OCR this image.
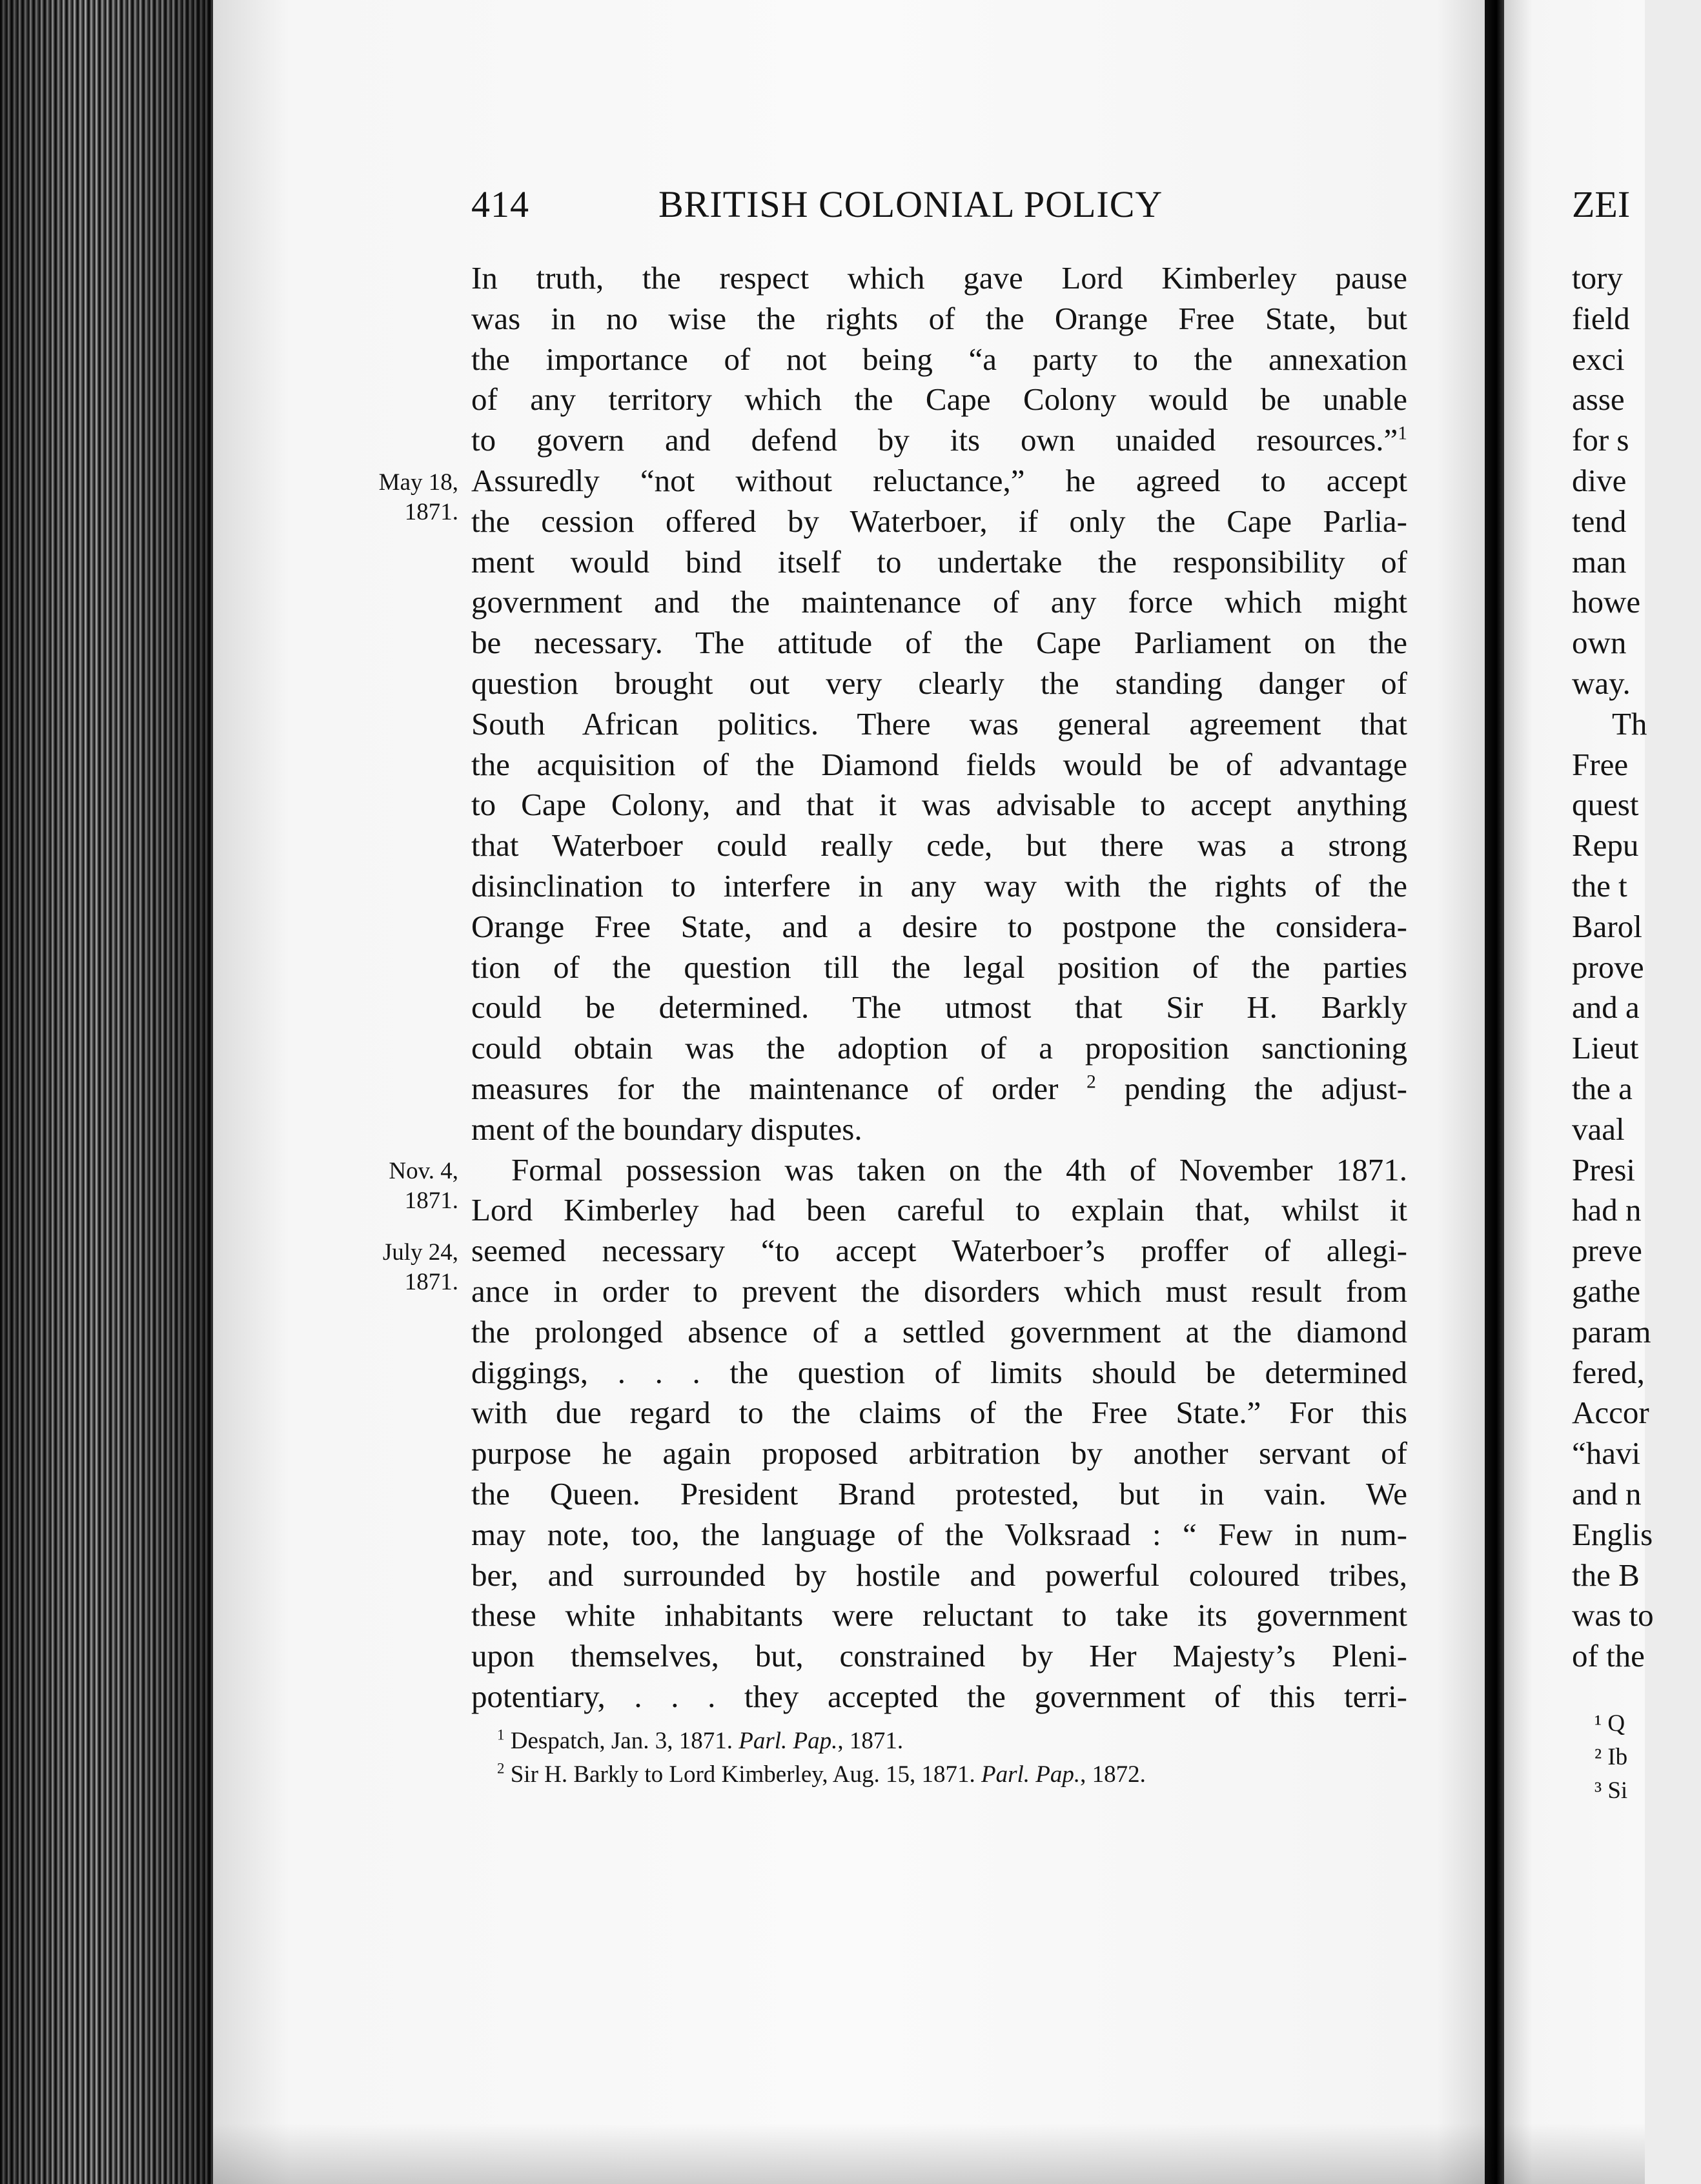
414	BRITISH COLONIAL POLICY
In truth, the respect which gave Lord Kimberley pause
was in no wise the rights of the Orange Free State, but
the importance of not being “a party to the annexation
of any territory which the Cape Colony would be unable
to govern and defend by its own unaided resources.”$^1$
Assuredly “not without reluctance,” he agreed to accept
the cession offered by Waterboer, if only the Cape Parlia-
ment would bind itself to undertake the responsibility of
government and the maintenance of any force which might
be necessary. The attitude of the Cape Parliament on the
question brought out very clearly the standing danger of
South African politics. There was general agreement that
the acquisition of the Diamond fields would be of advantage
to Cape Colony, and that it was advisable to accept anything
that Waterboer could really cede, but there was a strong
disinclination to interfere in any way with the rights of the
Orange Free State, and a desire to postpone the considera-
tion of the question till the legal position of the parties
could be determined. The utmost that Sir H. Barkly
could obtain was the adoption of a proposition sanctioning
measures for the maintenance of order $^2$ pending the adjust-
ment of the boundary disputes.
Formal possession was taken on the 4th of November 1871.
Lord Kimberley had been careful to explain that, whilst it
seemed necessary “to accept Waterboer’s proffer of allegi-
ance in order to prevent the disorders which must result from
the prolonged absence of a settled government at the diamond
diggings, . . . the question of limits should be determined
with due regard to the claims of the Free State.” For this
purpose he again proposed arbitration by another servant of
the Queen. President Brand protested, but in vain. We
may note, too, the language of the Volksraad : “ Few in num-
ber, and surrounded by hostile and powerful coloured tribes,
these white inhabitants were reluctant to take its government
upon themselves, but, constrained by Her Majesty’s Pleni-
potentiary, . . . they accepted the government of this terri-
May 18,
1871.
Nov. 4,
1871.
July 24,
1871.
$^1$ Despatch, Jan. 3, 1871. Parl. Pap., 1871.
$^2$ Sir H. Barkly to Lord Kimberley, Aug. 15, 1871. Parl. Pap., 1872.
ZEI
tory
field
exci
asse
for s
dive
tend
man
howe
own
way.
Th
Free
quest
Repu
the t
Barol
prove
and a
Lieut
the a
vaal
Presi
had n
preve
gathe
param
fered,
Accor
“havi
and n
Englis
the B
was to
of the
¹ Q
² Ib
³ Si
